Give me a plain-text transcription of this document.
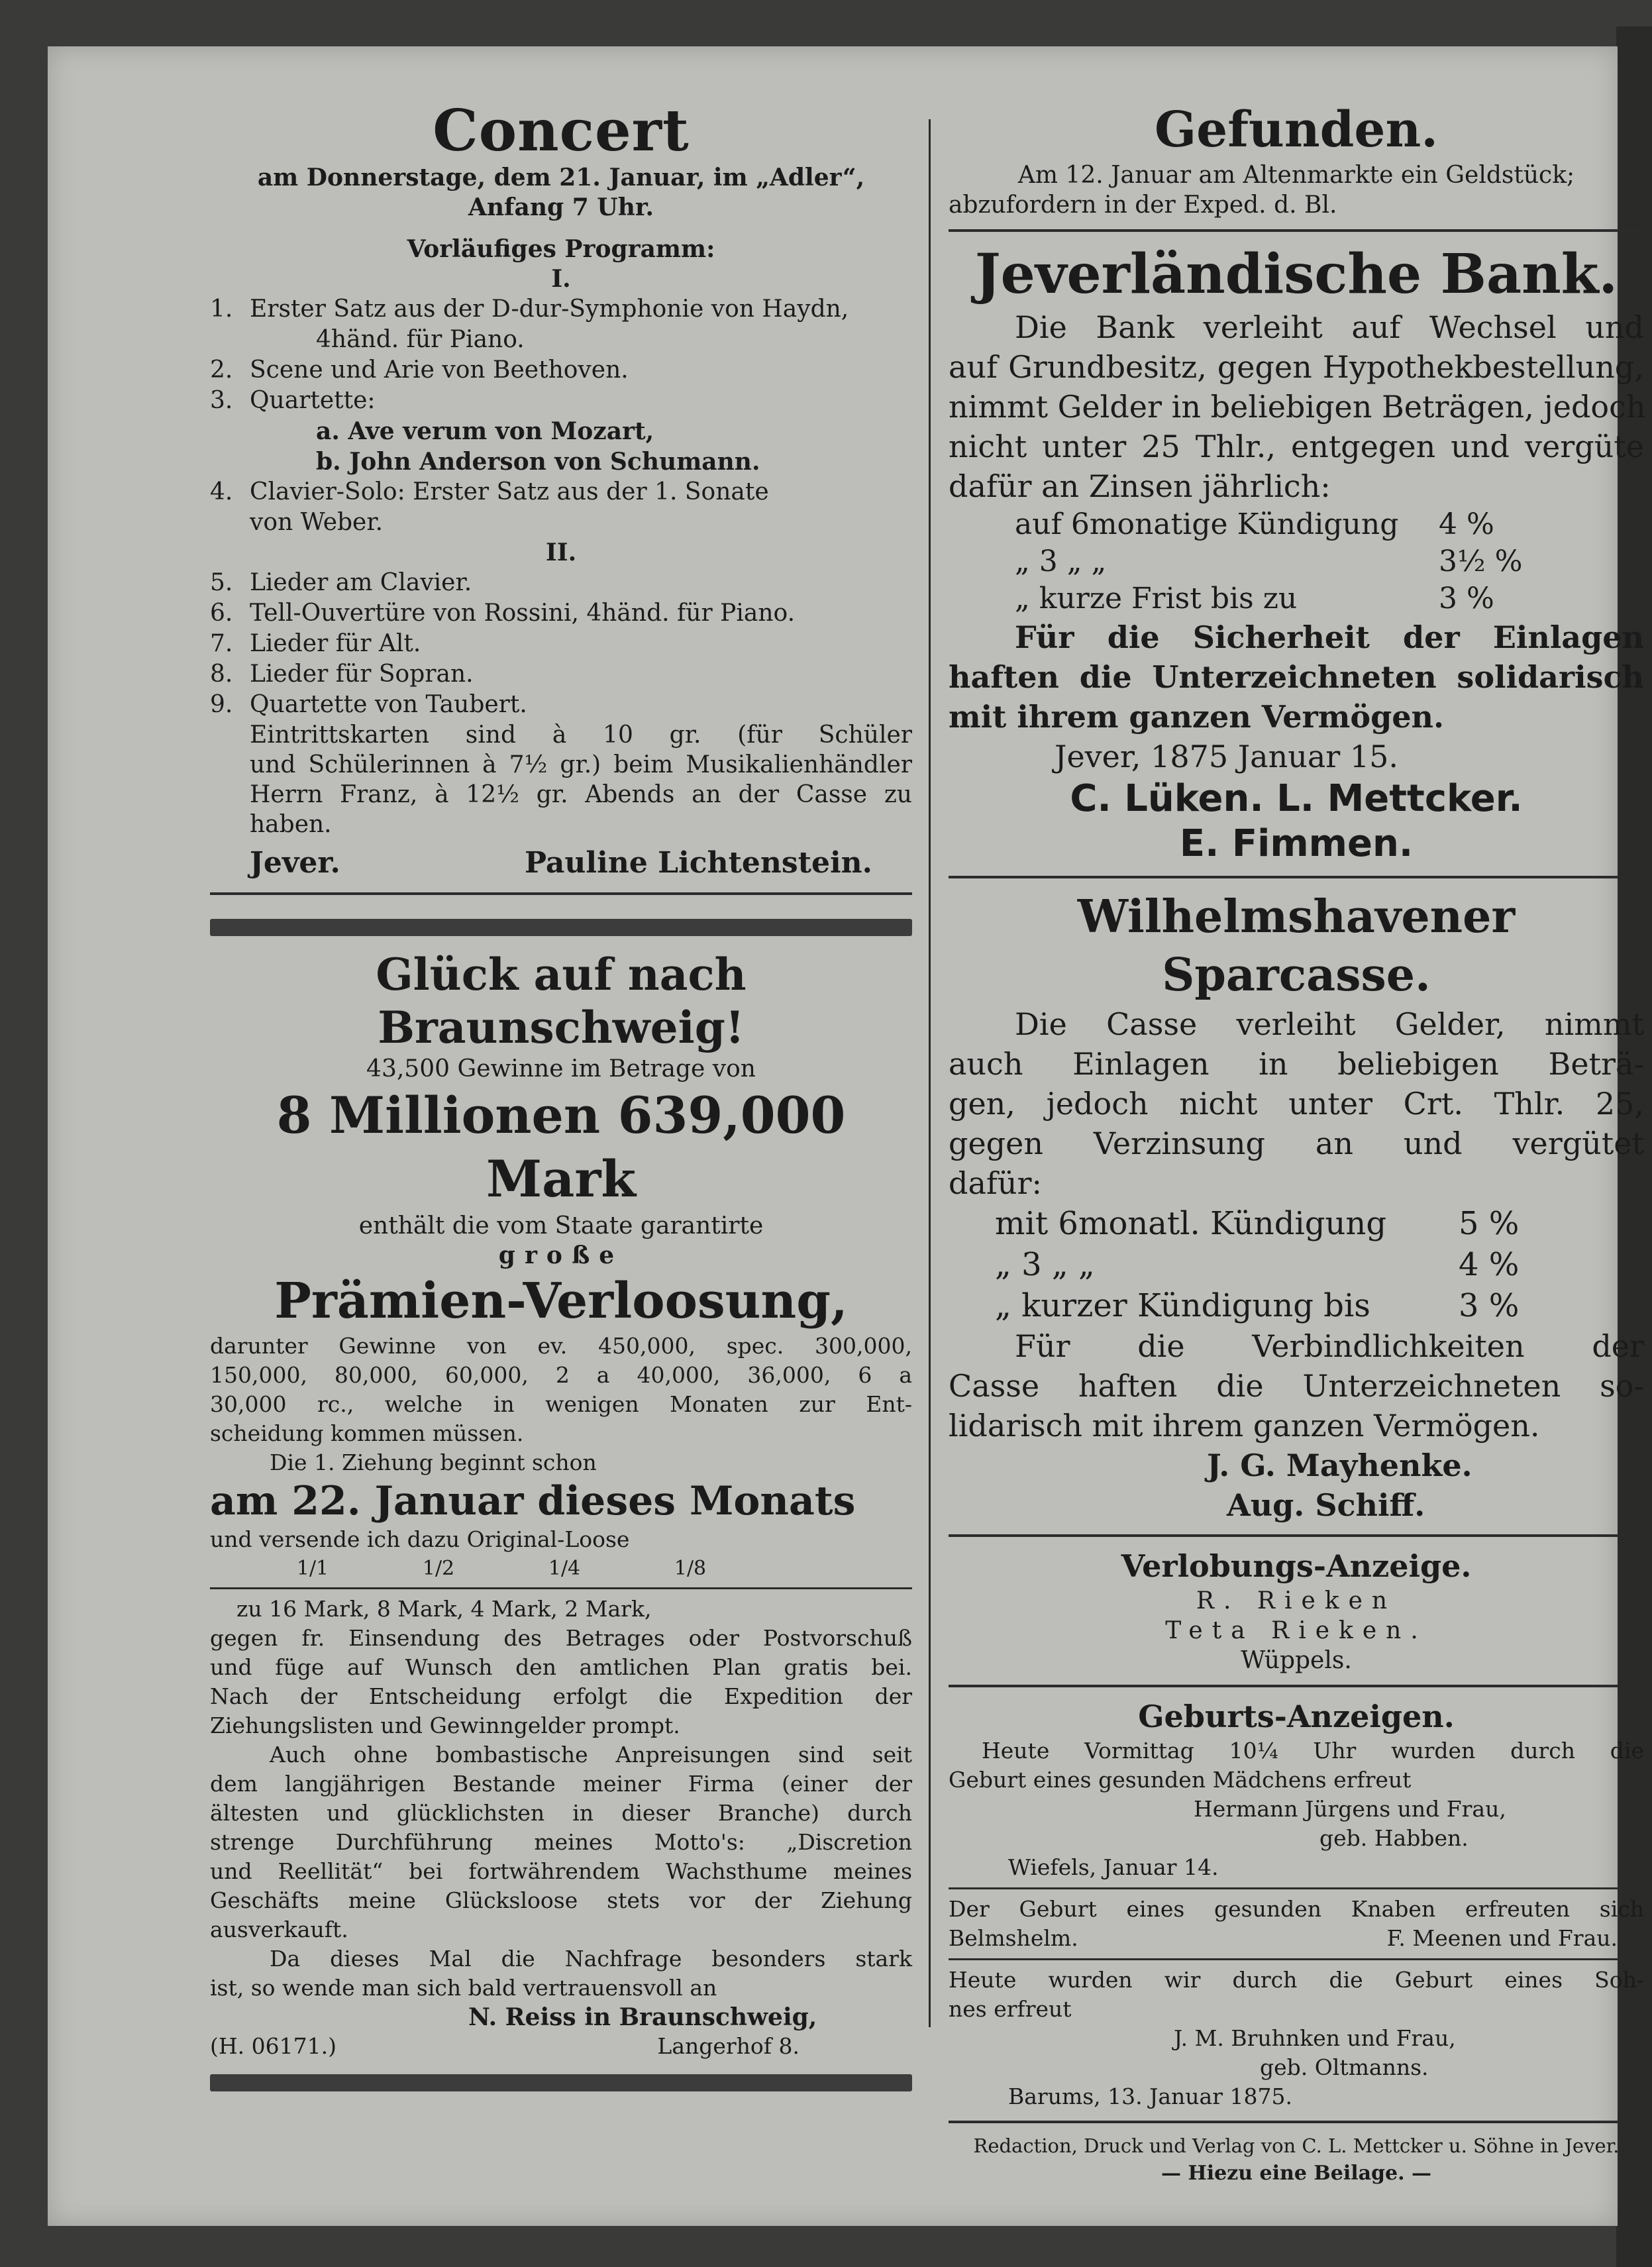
Concert
am Donnerstage, dem 21. Januar, im „Adler“,
Anfang 7 Uhr.
Vorläufiges Programm:
I.
1. Erster Satz aus der D-dur-Symphonie von Haydn,
4händ. für Piano.
2. Scene und Arie von Beethoven.
3. Quartette:
a. Ave verum von Mozart,
b. John Anderson von Schumann.
4. Clavier-Solo: Erster Satz aus der 1. Sonate
von Weber.
II.
5. Lieder am Clavier.
6. Tell-Ouvertüre von Rossini, 4händ. für Piano.
7. Lieder für Alt.
8. Lieder für Sopran.
9. Quartette von Taubert.
Eintrittskarten sind à 10 gr. (für Schüler
und Schülerinnen à 7½ gr.) beim Musikalienhändler
Herrn Franz, à 12½ gr. Abends an der Casse zu
haben.
Jever.	Pauline Lichtenstein.
Glück auf nach Braunschweig!
43,500 Gewinne im Betrage von
8 Millionen 639,000 Mark
enthält die vom Staate garantirte
große
Prämien-Verloosung,
darunter Gewinne von ev. 450,000, spec. 300,000,
150,000, 80,000, 60,000, 2 a 40,000, 36,000, 6 a
30,000 rc., welche in wenigen Monaten zur Ent-
scheidung kommen müssen.
Die 1. Ziehung beginnt schon
am 22. Januar dieses Monats
und versende ich dazu Original-Loose
1/1	1/2	1/4	1/8
zu 16 Mark, 8 Mark, 4 Mark, 2 Mark,
gegen fr. Einsendung des Betrages oder Postvorschuß
und füge auf Wunsch den amtlichen Plan gratis bei.
Nach der Entscheidung erfolgt die Expedition der
Ziehungslisten und Gewinngelder prompt.
Auch ohne bombastische Anpreisungen sind seit
dem langjährigen Bestande meiner Firma (einer der
ältesten und glücklichsten in dieser Branche) durch
strenge Durchführung meines Motto's: „Discretion
und Reellität“ bei fortwährendem Wachsthume meines
Geschäfts meine Glücksloose stets vor der Ziehung
ausverkauft.
Da dieses Mal die Nachfrage besonders stark
ist, so wende man sich bald vertrauensvoll an
N. Reiss in Braunschweig,
(H. 06171.)	Langerhof 8.
Gefunden.
Am 12. Januar am Altenmarkte ein Geldstück;
abzufordern in der Exped. d. Bl.
Jeverländische Bank.
Die Bank verleiht auf Wechsel und
auf Grundbesitz, gegen Hypothekbestellung,
nimmt Gelder in beliebigen Beträgen, jedoch
nicht unter 25 Thlr., entgegen und vergüte
dafür an Zinsen jährlich:
auf 6monatige Kündigung	4 %
„ 3 „ „	3½ %
„ kurze Frist bis zu	3 %
Für die Sicherheit der Einlagen
haften die Unterzeichneten solidarisch
mit ihrem ganzen Vermögen.
Jever, 1875 Januar 15.
C. Lüken. L. Mettcker.
E. Fimmen.
Wilhelmshavener Sparcasse.
Die Casse verleiht Gelder, nimmt
auch Einlagen in beliebigen Beträ-
gen, jedoch nicht unter Crt. Thlr. 25,
gegen Verzinsung an und vergütet
dafür:
mit 6monatl. Kündigung	5 %
„ 3 „ „	4 %
„ kurzer Kündigung bis	3 %
Für die Verbindlichkeiten der
Casse haften die Unterzeichneten so-
lidarisch mit ihrem ganzen Vermögen.
J. G. Mayhenke.
Aug. Schiff.
Verlobungs-Anzeige.
R. Rieken
Teta Rieken.
Wüppels.
Geburts-Anzeigen.
Heute Vormittag 10¼ Uhr wurden durch die
Geburt eines gesunden Mädchens erfreut
Hermann Jürgens und Frau,
geb. Habben.
Wiefels, Januar 14.
Der Geburt eines gesunden Knaben erfreuten sich
Belmshelm.	F. Meenen und Frau.
Heute wurden wir durch die Geburt eines Soh-
nes erfreut
J. M. Bruhnken und Frau,
geb. Oltmanns.
Barums, 13. Januar 1875.
Redaction, Druck und Verlag von C. L. Mettcker u. Söhne in Jever.
— Hiezu eine Beilage. —
